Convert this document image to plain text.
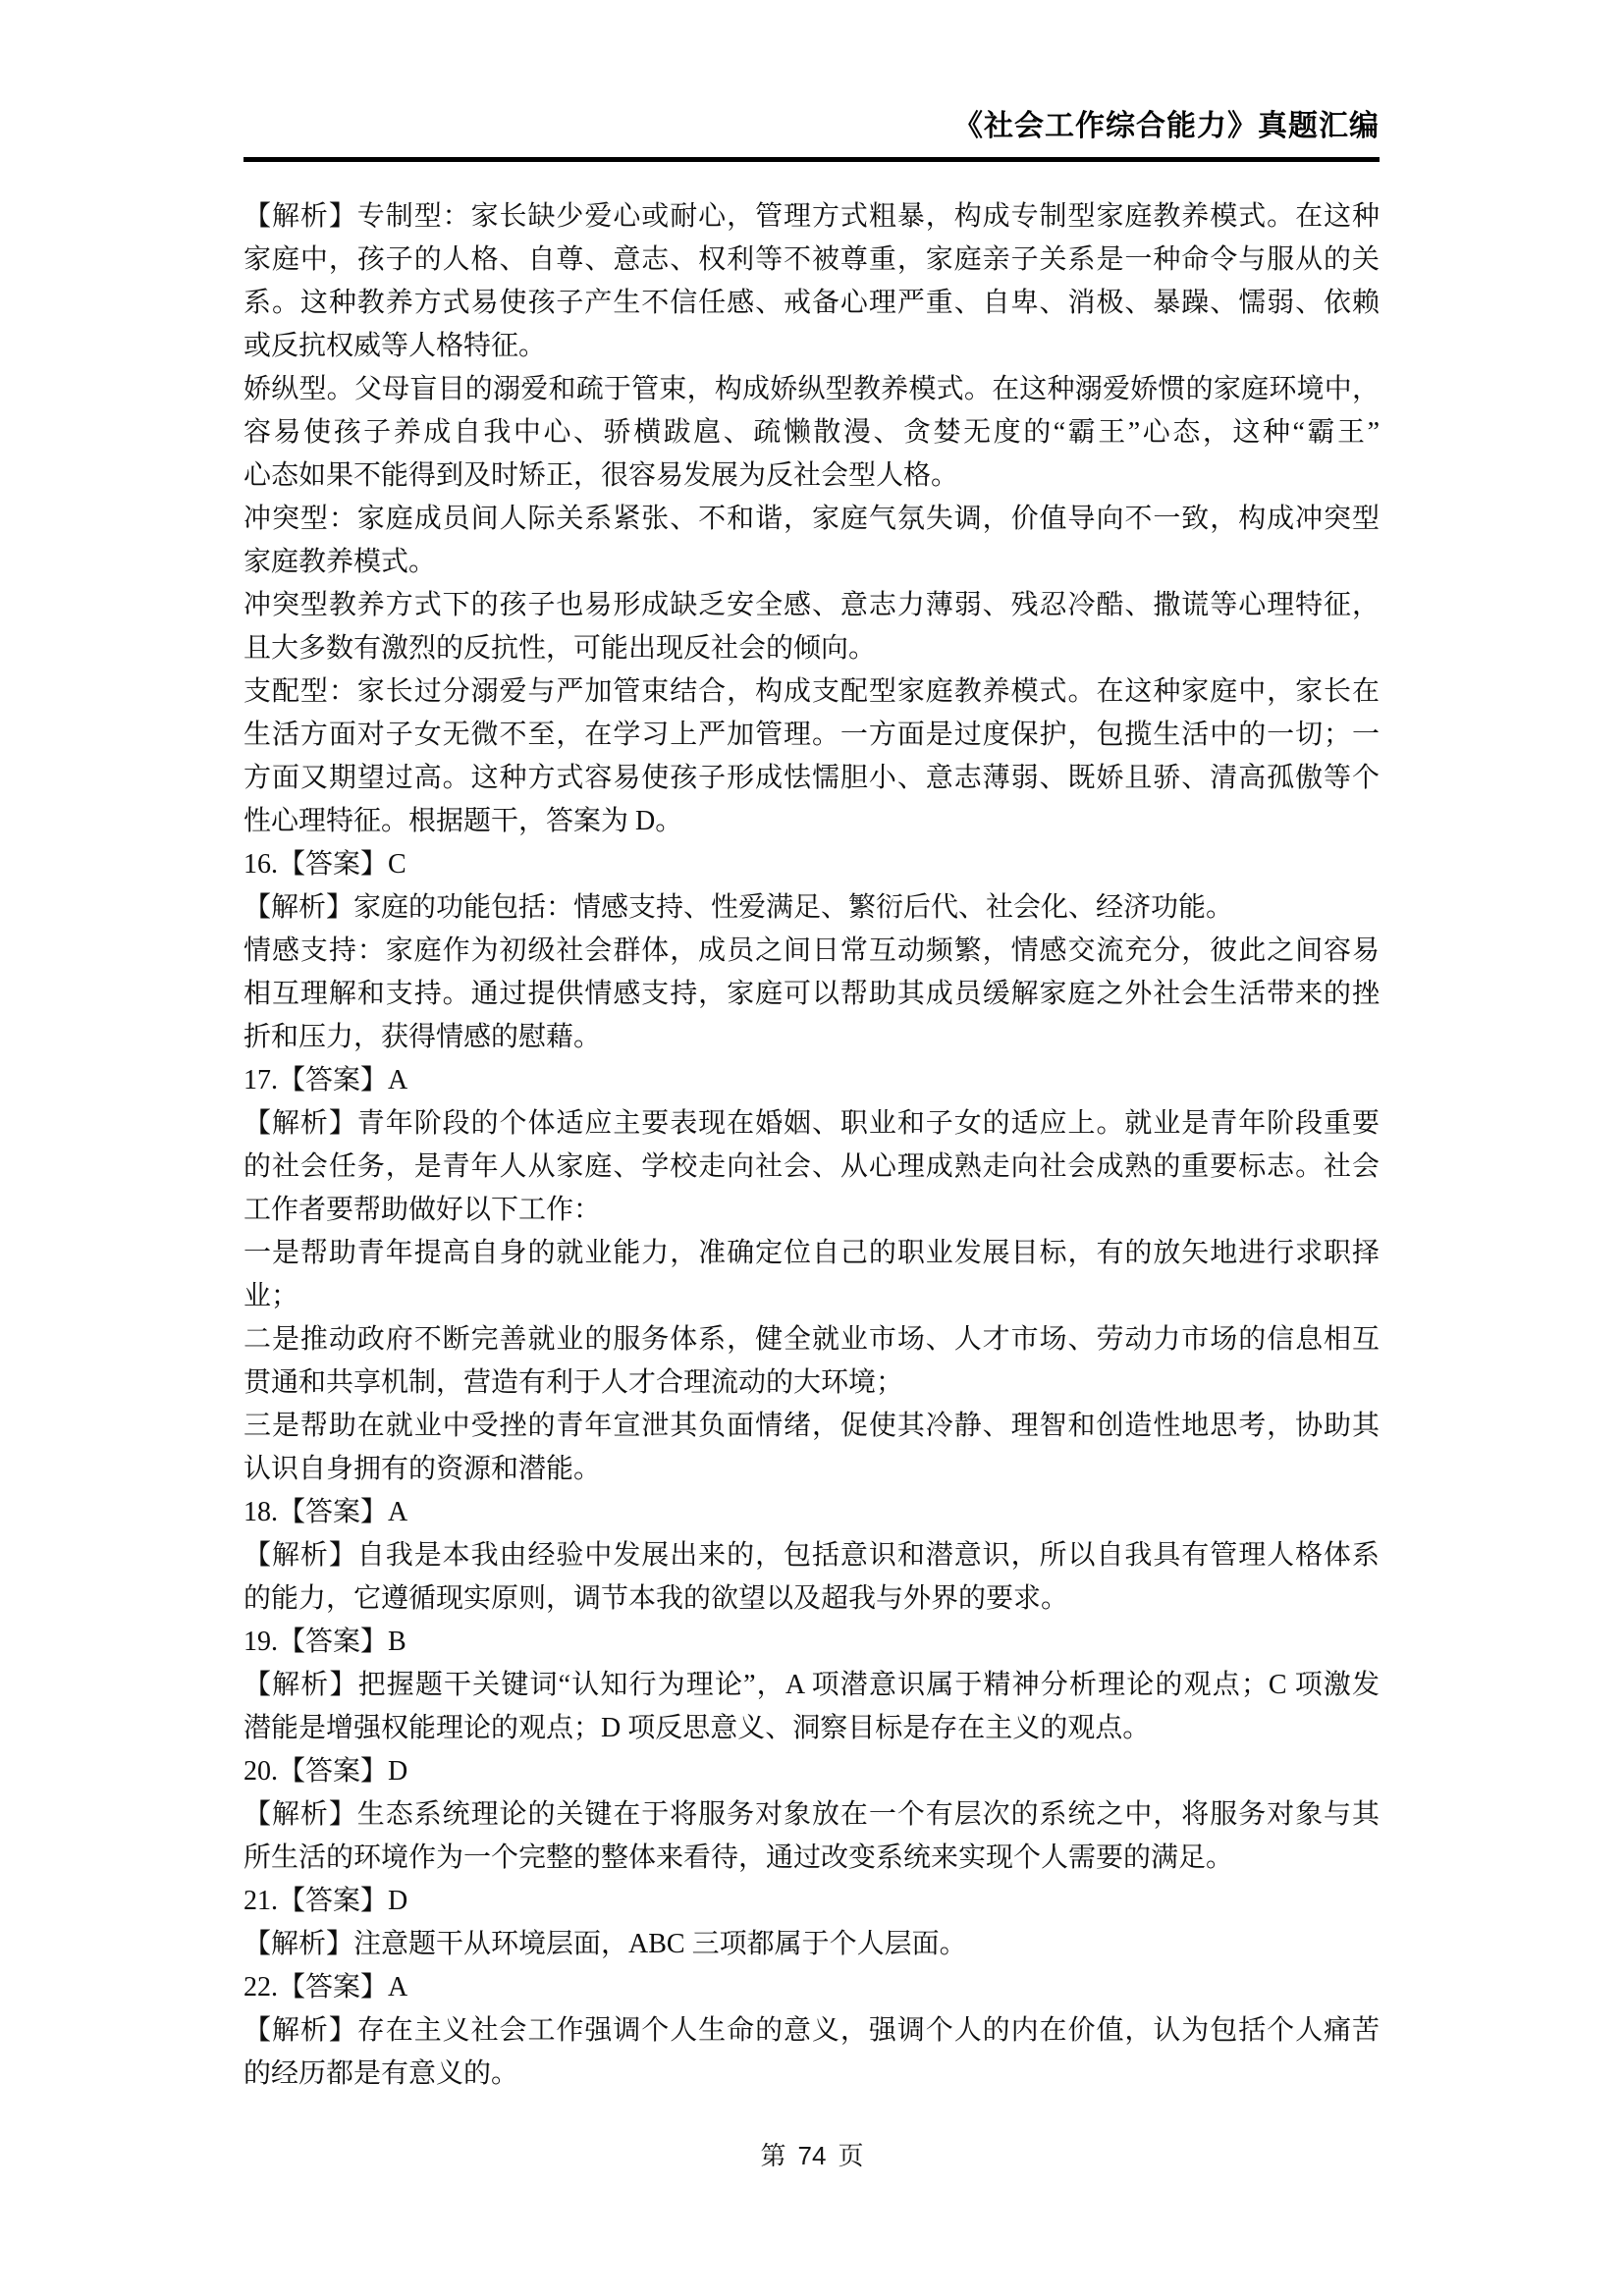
《社会工作综合能力》真题汇编
【解析】专制型：家长缺少爱心或耐心，管理方式粗暴，构成专制型家庭教养模式。在这种
家庭中，孩子的人格、自尊、意志、权利等不被尊重，家庭亲子关系是一种命令与服从的关
系。这种教养方式易使孩子产生不信任感、戒备心理严重、自卑、消极、暴躁、懦弱、依赖
或反抗权威等人格特征。
娇纵型。父母盲目的溺爱和疏于管束，构成娇纵型教养模式。在这种溺爱娇惯的家庭环境中，
容易使孩子养成自我中心、骄横跋扈、疏懒散漫、贪婪无度的“霸王”心态，这种“霸王”
心态如果不能得到及时矫正，很容易发展为反社会型人格。
冲突型：家庭成员间人际关系紧张、不和谐，家庭气氛失调，价值导向不一致，构成冲突型
家庭教养模式。
冲突型教养方式下的孩子也易形成缺乏安全感、意志力薄弱、残忍冷酷、撒谎等心理特征，
且大多数有激烈的反抗性，可能出现反社会的倾向。
支配型：家长过分溺爱与严加管束结合，构成支配型家庭教养模式。在这种家庭中，家长在
生活方面对子女无微不至，在学习上严加管理。一方面是过度保护，包揽生活中的一切；一
方面又期望过高。这种方式容易使孩子形成怯懦胆小、意志薄弱、既娇且骄、清高孤傲等个
性心理特征。根据题干，答案为 D。
16.【答案】C
【解析】家庭的功能包括：情感支持、性爱满足、繁衍后代、社会化、经济功能。
情感支持：家庭作为初级社会群体，成员之间日常互动频繁，情感交流充分，彼此之间容易
相互理解和支持。通过提供情感支持，家庭可以帮助其成员缓解家庭之外社会生活带来的挫
折和压力，获得情感的慰藉。
17.【答案】A
【解析】青年阶段的个体适应主要表现在婚姻、职业和子女的适应上。就业是青年阶段重要
的社会任务，是青年人从家庭、学校走向社会、从心理成熟走向社会成熟的重要标志。社会
工作者要帮助做好以下工作：
一是帮助青年提高自身的就业能力，准确定位自己的职业发展目标，有的放矢地进行求职择
业；
二是推动政府不断完善就业的服务体系，健全就业市场、人才市场、劳动力市场的信息相互
贯通和共享机制，营造有利于人才合理流动的大环境；
三是帮助在就业中受挫的青年宣泄其负面情绪，促使其冷静、理智和创造性地思考，协助其
认识自身拥有的资源和潜能。
18.【答案】A
【解析】自我是本我由经验中发展出来的，包括意识和潜意识，所以自我具有管理人格体系
的能力，它遵循现实原则，调节本我的欲望以及超我与外界的要求。
19.【答案】B
【解析】把握题干关键词“认知行为理论”，A 项潜意识属于精神分析理论的观点；C 项激发
潜能是增强权能理论的观点；D 项反思意义、洞察目标是存在主义的观点。
20.【答案】D
【解析】生态系统理论的关键在于将服务对象放在一个有层次的系统之中，将服务对象与其
所生活的环境作为一个完整的整体来看待，通过改变系统来实现个人需要的满足。
21.【答案】D
【解析】注意题干从环境层面，ABC 三项都属于个人层面。
22.【答案】A
【解析】存在主义社会工作强调个人生命的意义，强调个人的内在价值，认为包括个人痛苦
的经历都是有意义的。
第 74 页
